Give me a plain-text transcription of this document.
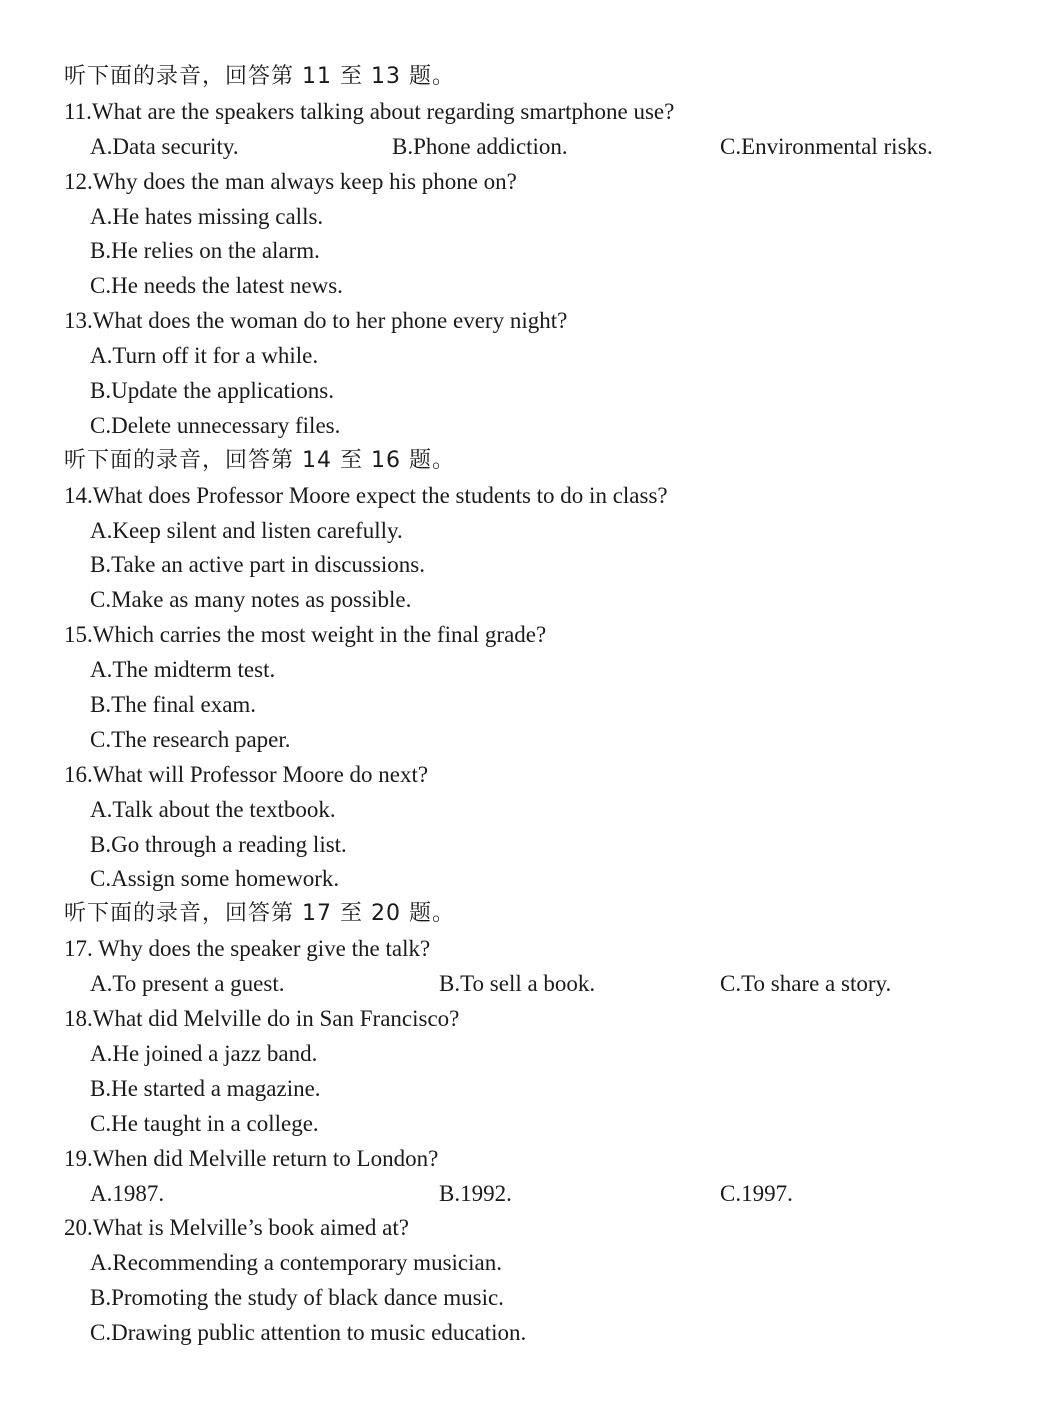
听下面的录音，回答第 11 至 13 题。
11.What are the speakers talking about regarding smartphone use?
A.Data security.	B.Phone addiction.	C.Environmental risks.
12.Why does the man always keep his phone on?
A.He hates missing calls.
B.He relies on the alarm.
C.He needs the latest news.
13.What does the woman do to her phone every night?
A.Turn off it for a while.
B.Update the applications.
C.Delete unnecessary files.
听下面的录音，回答第 14 至 16 题。
14.What does Professor Moore expect the students to do in class?
A.Keep silent and listen carefully.
B.Take an active part in discussions.
C.Make as many notes as possible.
15.Which carries the most weight in the final grade?
A.The midterm test.
B.The final exam.
C.The research paper.
16.What will Professor Moore do next?
A.Talk about the textbook.
B.Go through a reading list.
C.Assign some homework.
听下面的录音，回答第 17 至 20 题。
17. Why does the speaker give the talk?
A.To present a guest.	B.To sell a book.	C.To share a story.
18.What did Melville do in San Francisco?
A.He joined a jazz band.
B.He started a magazine.
C.He taught in a college.
19.When did Melville return to London?
A.1987.	B.1992.	C.1997.
20.What is Melville’s book aimed at?
A.Recommending a contemporary musician.
B.Promoting the study of black dance music.
C.Drawing public attention to music education.
